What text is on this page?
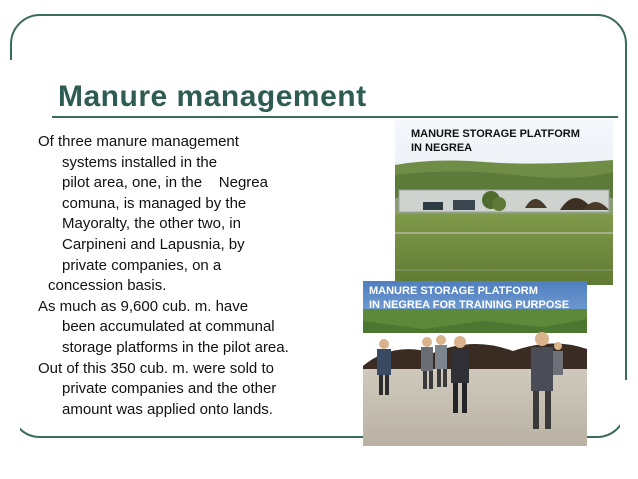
Manure management

Of three manure management
systems installed in the
pilot area, one, in the    Negrea
comuna, is managed by the
Mayoralty, the other two, in
Carpineni and Lapusnia, by
private companies, on a
concession basis.

As much as 9,600 cub. m. have
been accumulated at communal
storage platforms in the pilot area.

Out of this 350 cub. m. were sold to
private companies and the other
amount was applied onto lands.

MANURE STORAGE PLATFORM
IN NEGREA
MANURE STORAGE PLATFORM
IN NEGREA FOR TRAINING PURPOSE
